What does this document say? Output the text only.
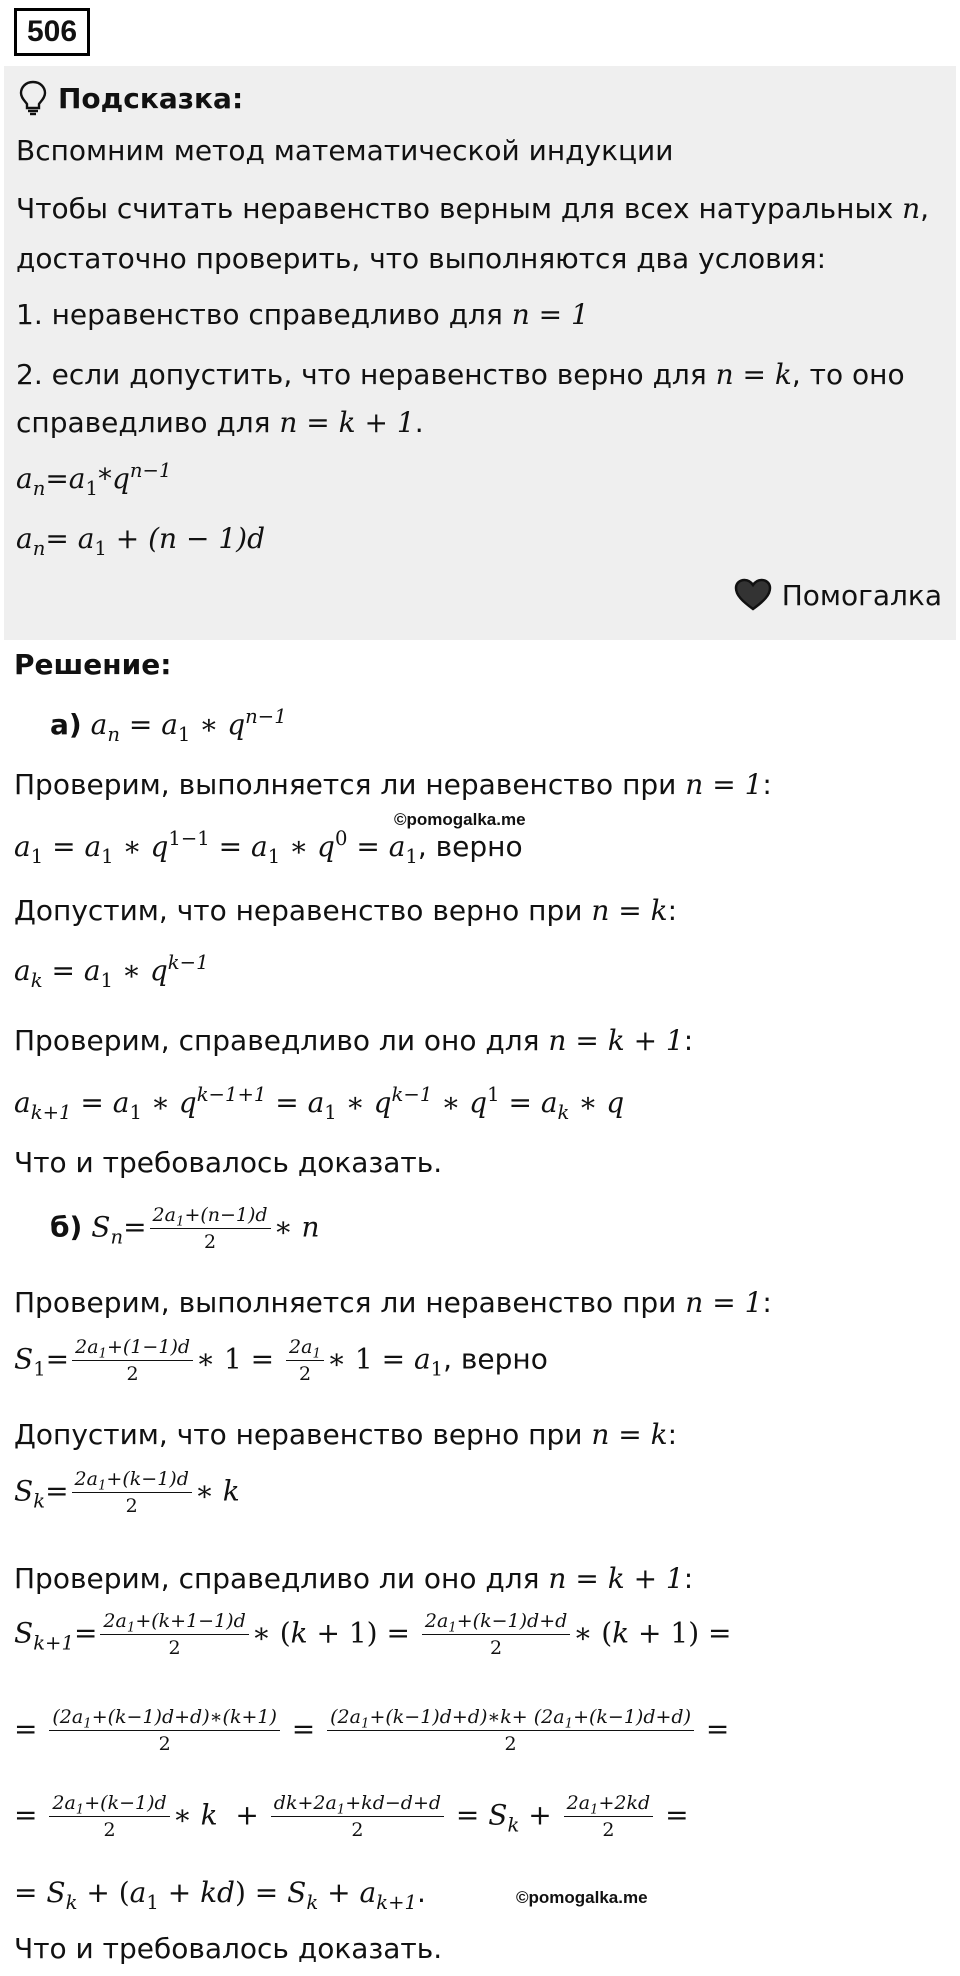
506
Подсказка:
Вспомним метод математической индукции
Чтобы считать неравенство верным для всех натуральных n,
достаточно проверить, что выполняются два условия:
1. неравенство справедливо для n = 1
2. если допустить, что неравенство верно для n = k, то оно
справедливо для n = k + 1.
$a_n=a_1*q^{n-1}$
$a_n= a_1 + (n - 1)d$
Помогалка
Решение:
а) $a_n = a_1$ ∗ $q^{n-1}$
Проверим, выполняется ли неравенство при n = 1:
©pomogalka.me
$a_1 = a_1$ ∗ $q^{1-1} = a_1$ ∗ $q^0 = a_1$, верно
Допустим, что неравенство верно при n = k:
$a_k = a_1$ ∗ $q^{k-1}$
Проверим, справедливо ли оно для n = k + 1:
$a_{k+1} = a_1$ ∗ $q^{k-1+1} = a_1$ ∗ $q^{k-1}$ ∗ $q^1 = a_k$ ∗ q
Что и требовалось доказать.
б) $S_n= \frac{2a_1+(n-1)d}{2}$ ∗ n
Проверим, выполняется ли неравенство при n = 1:
$S_1= \frac{2a_1+(1-1)d}{2}$ ∗ $1 = \frac{2a_1}{2}$ ∗ $1 = a_1$, верно
Допустим, что неравенство верно при n = k:
$S_k= \frac{2a_1+(k-1)d}{2}$ ∗ k
Проверим, справедливо ли оно для n = k + 1:
$S_{k+1}= \frac{2a_1+(k+1-1)d}{2}$ ∗ $(k + 1) = \frac{2a_1+(k-1)d+d}{2}$ ∗ (k + 1) =
= $\frac{(2a_1+(k-1)d+d)∗(k+1)}{2} = \frac{(2a_1+(k-1)d+d)∗k+ (2a_1+(k-1)d+d)}{2}$ =
= $\frac{2a_1+(k-1)d}{2}$ ∗ $k + \frac{dk+2a_1+kd-d+d}{2} = S_k + \frac{2a_1+2kd}{2}$ =
= $S_k + (a_1 + kd) = S_k + a_{k+1}$.	©pomogalka.me
Что и требовалось доказать.
